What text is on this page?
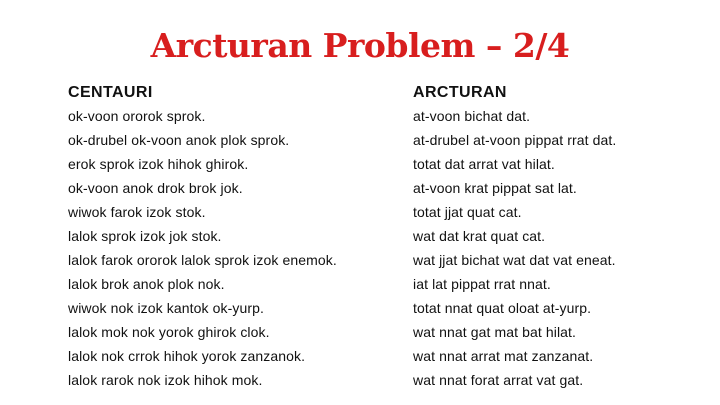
Arcturan Problem – 2/4
CENTAURI
ok-voon ororok sprok.
ok-drubel ok-voon anok plok sprok.
erok sprok izok hihok ghirok.
ok-voon anok drok brok jok.
wiwok farok izok stok.
lalok sprok izok jok stok.
lalok farok ororok lalok sprok izok enemok.
lalok brok anok plok nok.
wiwok nok izok kantok ok-yurp.
lalok mok nok yorok ghirok clok.
lalok nok crrok hihok yorok zanzanok.
lalok rarok nok izok hihok mok.
ARCTURAN
at-voon bichat dat.
at-drubel at-voon pippat rrat dat.
totat dat arrat vat hilat.
at-voon krat pippat sat lat.
totat jjat quat cat.
wat dat krat quat cat.
wat jjat bichat wat dat vat eneat.
iat lat pippat rrat nnat.
totat nnat quat oloat at-yurp.
wat nnat gat mat bat hilat.
wat nnat arrat mat zanzanat.
wat nnat forat arrat vat gat.
